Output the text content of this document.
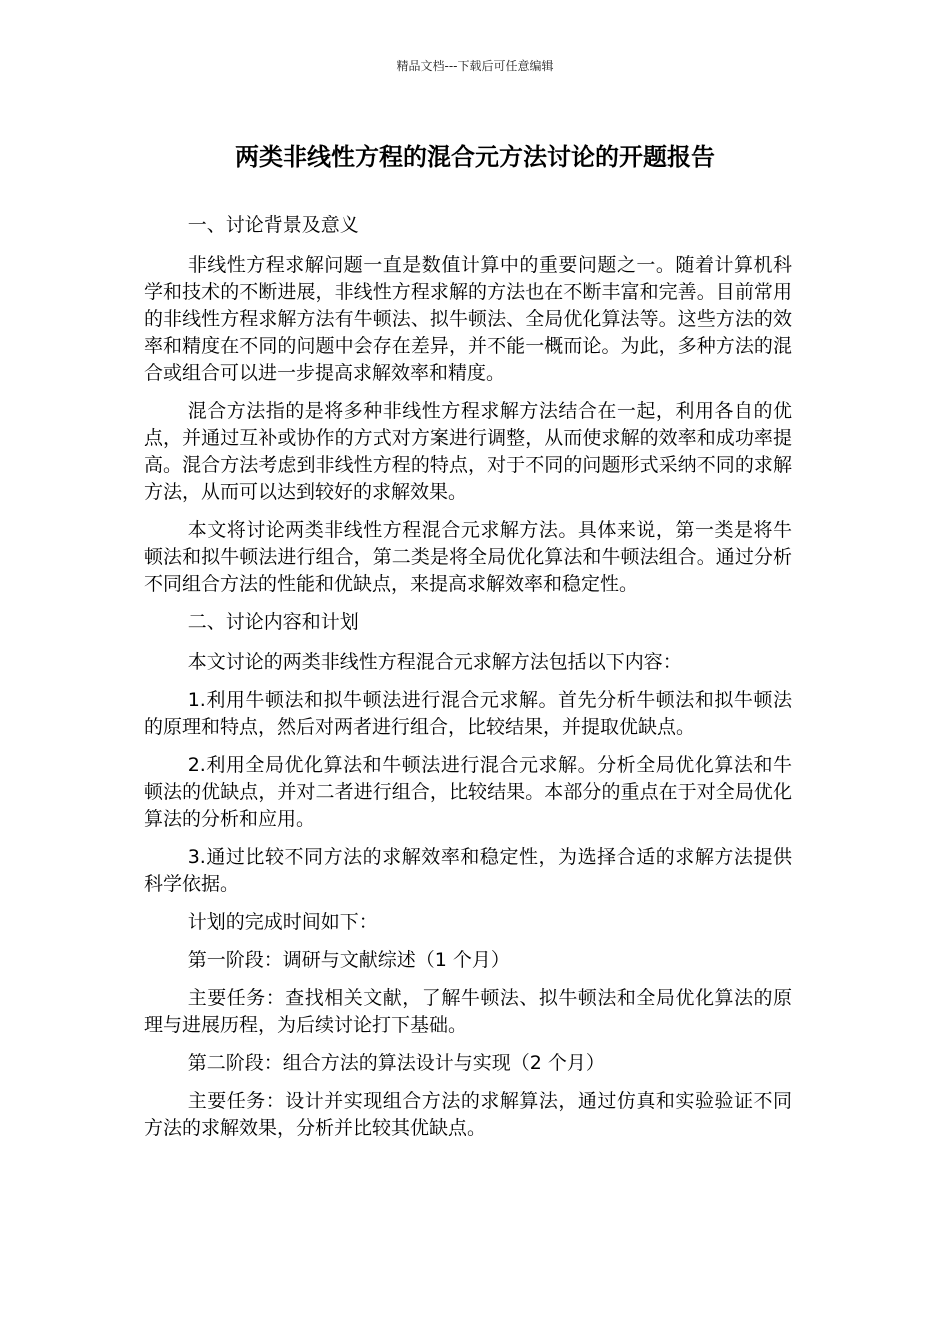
精品文档---下载后可任意编辑
两类非线性方程的混合元方法讨论的开题报告

一、讨论背景及意义

非线性方程求解问题一直是数值计算中的重要问题之一。随着计算机科学和技术的不断进展，非线性方程求解的方法也在不断丰富和完善。目前常用的非线性方程求解方法有牛顿法、拟牛顿法、全局优化算法等。这些方法的效率和精度在不同的问题中会存在差异，并不能一概而论。为此，多种方法的混合或组合可以进一步提高求解效率和精度。

混合方法指的是将多种非线性方程求解方法结合在一起，利用各自的优点，并通过互补或协作的方式对方案进行调整，从而使求解的效率和成功率提高。混合方法考虑到非线性方程的特点，对于不同的问题形式采纳不同的求解方法，从而可以达到较好的求解效果。

本文将讨论两类非线性方程混合元求解方法。具体来说，第一类是将牛顿法和拟牛顿法进行组合，第二类是将全局优化算法和牛顿法组合。通过分析不同组合方法的性能和优缺点，来提高求解效率和稳定性。

二、讨论内容和计划

本文讨论的两类非线性方程混合元求解方法包括以下内容：

1.利用牛顿法和拟牛顿法进行混合元求解。首先分析牛顿法和拟牛顿法的原理和特点，然后对两者进行组合，比较结果，并提取优缺点。

2.利用全局优化算法和牛顿法进行混合元求解。分析全局优化算法和牛顿法的优缺点，并对二者进行组合，比较结果。本部分的重点在于对全局优化算法的分析和应用。

3.通过比较不同方法的求解效率和稳定性，为选择合适的求解方法提供科学依据。

计划的完成时间如下：

第一阶段：调研与文献综述（1 个月）

主要任务：查找相关文献，了解牛顿法、拟牛顿法和全局优化算法的原理与进展历程，为后续讨论打下基础。

第二阶段：组合方法的算法设计与实现（2 个月）

主要任务：设计并实现组合方法的求解算法，通过仿真和实验验证不同方法的求解效果，分析并比较其优缺点。
